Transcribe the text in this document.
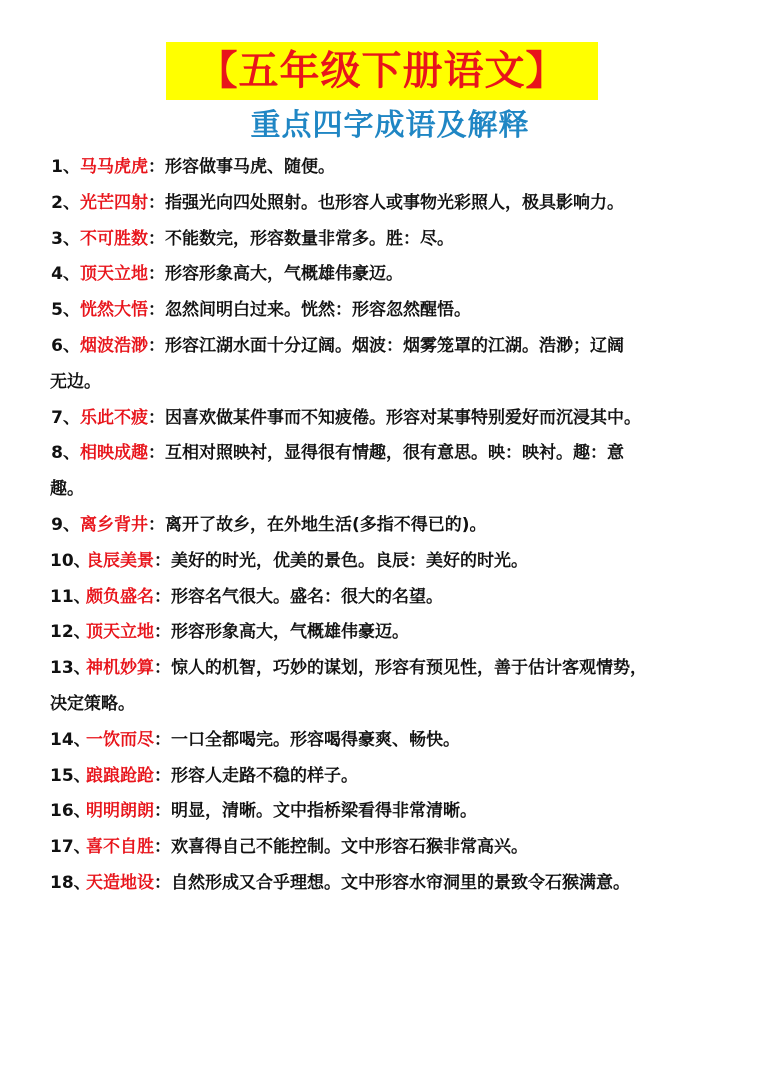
【五年级下册语文】
重点四字成语及解释
1、马马虎虎：形容做事马虎、随便。
2、光芒四射：指强光向四处照射。也形容人或事物光彩照人，极具影响力。
3、不可胜数：不能数完，形容数量非常多。胜：尽。
4、顶天立地：形容形象高大，气概雄伟豪迈。
5、恍然大悟：忽然间明白过来。恍然：形容忽然醒悟。
6、烟波浩渺：形容江湖水面十分辽阔。烟波：烟雾笼罩的江湖。浩渺；辽阔
无边。
7、乐此不疲：因喜欢做某件事而不知疲倦。形容对某事特别爱好而沉浸其中。
8、相映成趣：互相对照映衬，显得很有情趣，很有意思。映：映衬。趣：意
趣。
9、离乡背井：离开了故乡，在外地生活(多指不得已的)。
10、良辰美景：美好的时光，优美的景色。良辰：美好的时光。
11、颇负盛名：形容名气很大。盛名：很大的名望。
12、顶天立地：形容形象高大，气概雄伟豪迈。
13、神机妙算：惊人的机智，巧妙的谋划，形容有预见性，善于估计客观情势，
决定策略。
14、一饮而尽：一口全都喝完。形容喝得豪爽、畅快。
15、踉踉跄跄：形容人走路不稳的样子。
16、明明朗朗：明显，清晰。文中指桥梁看得非常清晰。
17、喜不自胜：欢喜得自己不能控制。文中形容石猴非常高兴。
18、天造地设：自然形成又合乎理想。文中形容水帘洞里的景致令石猴满意。
